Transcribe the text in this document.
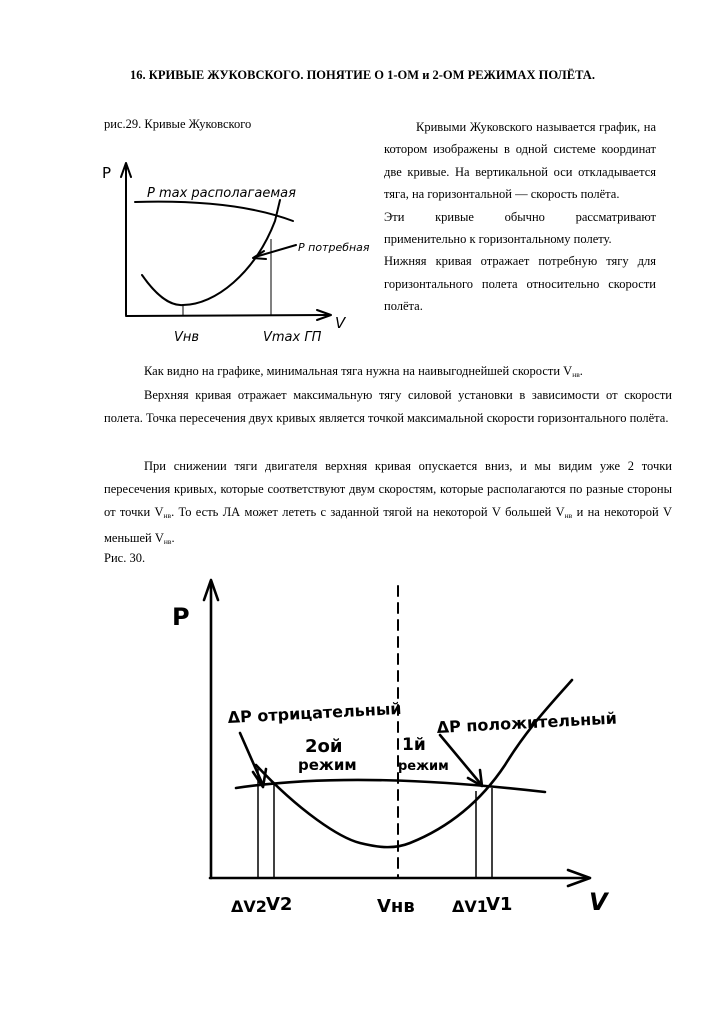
16. КРИВЫЕ ЖУКОВСКОГО. ПОНЯТИЕ О 1-ОМ и 2-ОМ РЕЖИМАХ ПОЛЁТА.
рис.29. Кривые Жуковского
P
V
P max располагаемая
P потребная
Vнв	Vmax ГП

Кривыми Жуковского называется график, на котором изображены в одной системе координат две кривые. На вертикальной оси откладывается тяга, на горизонтальной — скорость полёта.

Эти кривые обычно рассматривают применительно к горизонтальному полету.

Нижняя кривая отражает потребную тягу для горизонтального полета относительно скорости полёта.

Как видно на графике, минимальная тяга нужна на наивыгоднейшей скорости $V_{нв}$.

Верхняя кривая отражает максимальную тягу силовой установки в зависимости от скорости полета. Точка пересечения двух кривых является точкой максимальной скорости горизонтального полёта.

При снижении тяги двигателя верхняя кривая опускается вниз, и мы видим уже 2 точки пересечения кривых, которые соответствуют двум скоростям, которые располагаются по разные стороны от точки $V_{нв}$. То есть ЛА может лететь с заданной тягой на некоторой V большей $V_{нв}$ и на некоторой V меньшей $V_{нв}$.

Рис. 30.
P
V
ΔP отрицательный ΔP положительный
2ой
режим
1й
режим
ΔV2 V2	Vнв ΔV1
V1
